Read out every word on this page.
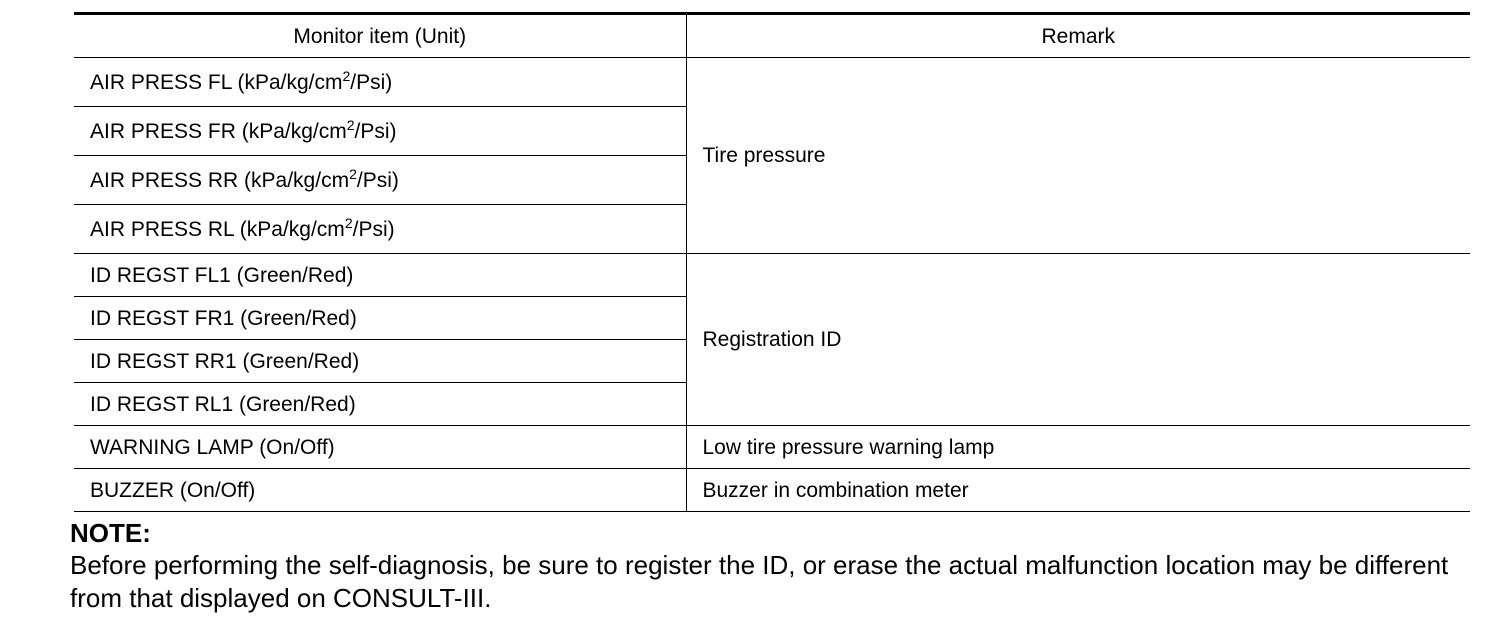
Monitor item (Unit)	Remark
AIR PRESS FL $(kPa/kg/cm^2/Psi)$	Tire pressure
AIR PRESS FR $(kPa/kg/cm^2/Psi)$	
AIR PRESS RR $(kPa/kg/cm^2/Psi)$	
AIR PRESS RL $(kPa/kg/cm^2/Psi)$	
ID REGST FL1 (Green/Red)	Registration ID
ID REGST FR1 (Green/Red)	
ID REGST RR1 (Green/Red)	
ID REGST RL1 (Green/Red)	
WARNING LAMP (On/Off)	Low tire pressure warning lamp
BUZZER (On/Off)	Buzzer in combination meter

NOTE:

Before performing the self-diagnosis, be sure to register the ID, or erase the actual malfunction location may be different from that displayed on CONSULT-III.
